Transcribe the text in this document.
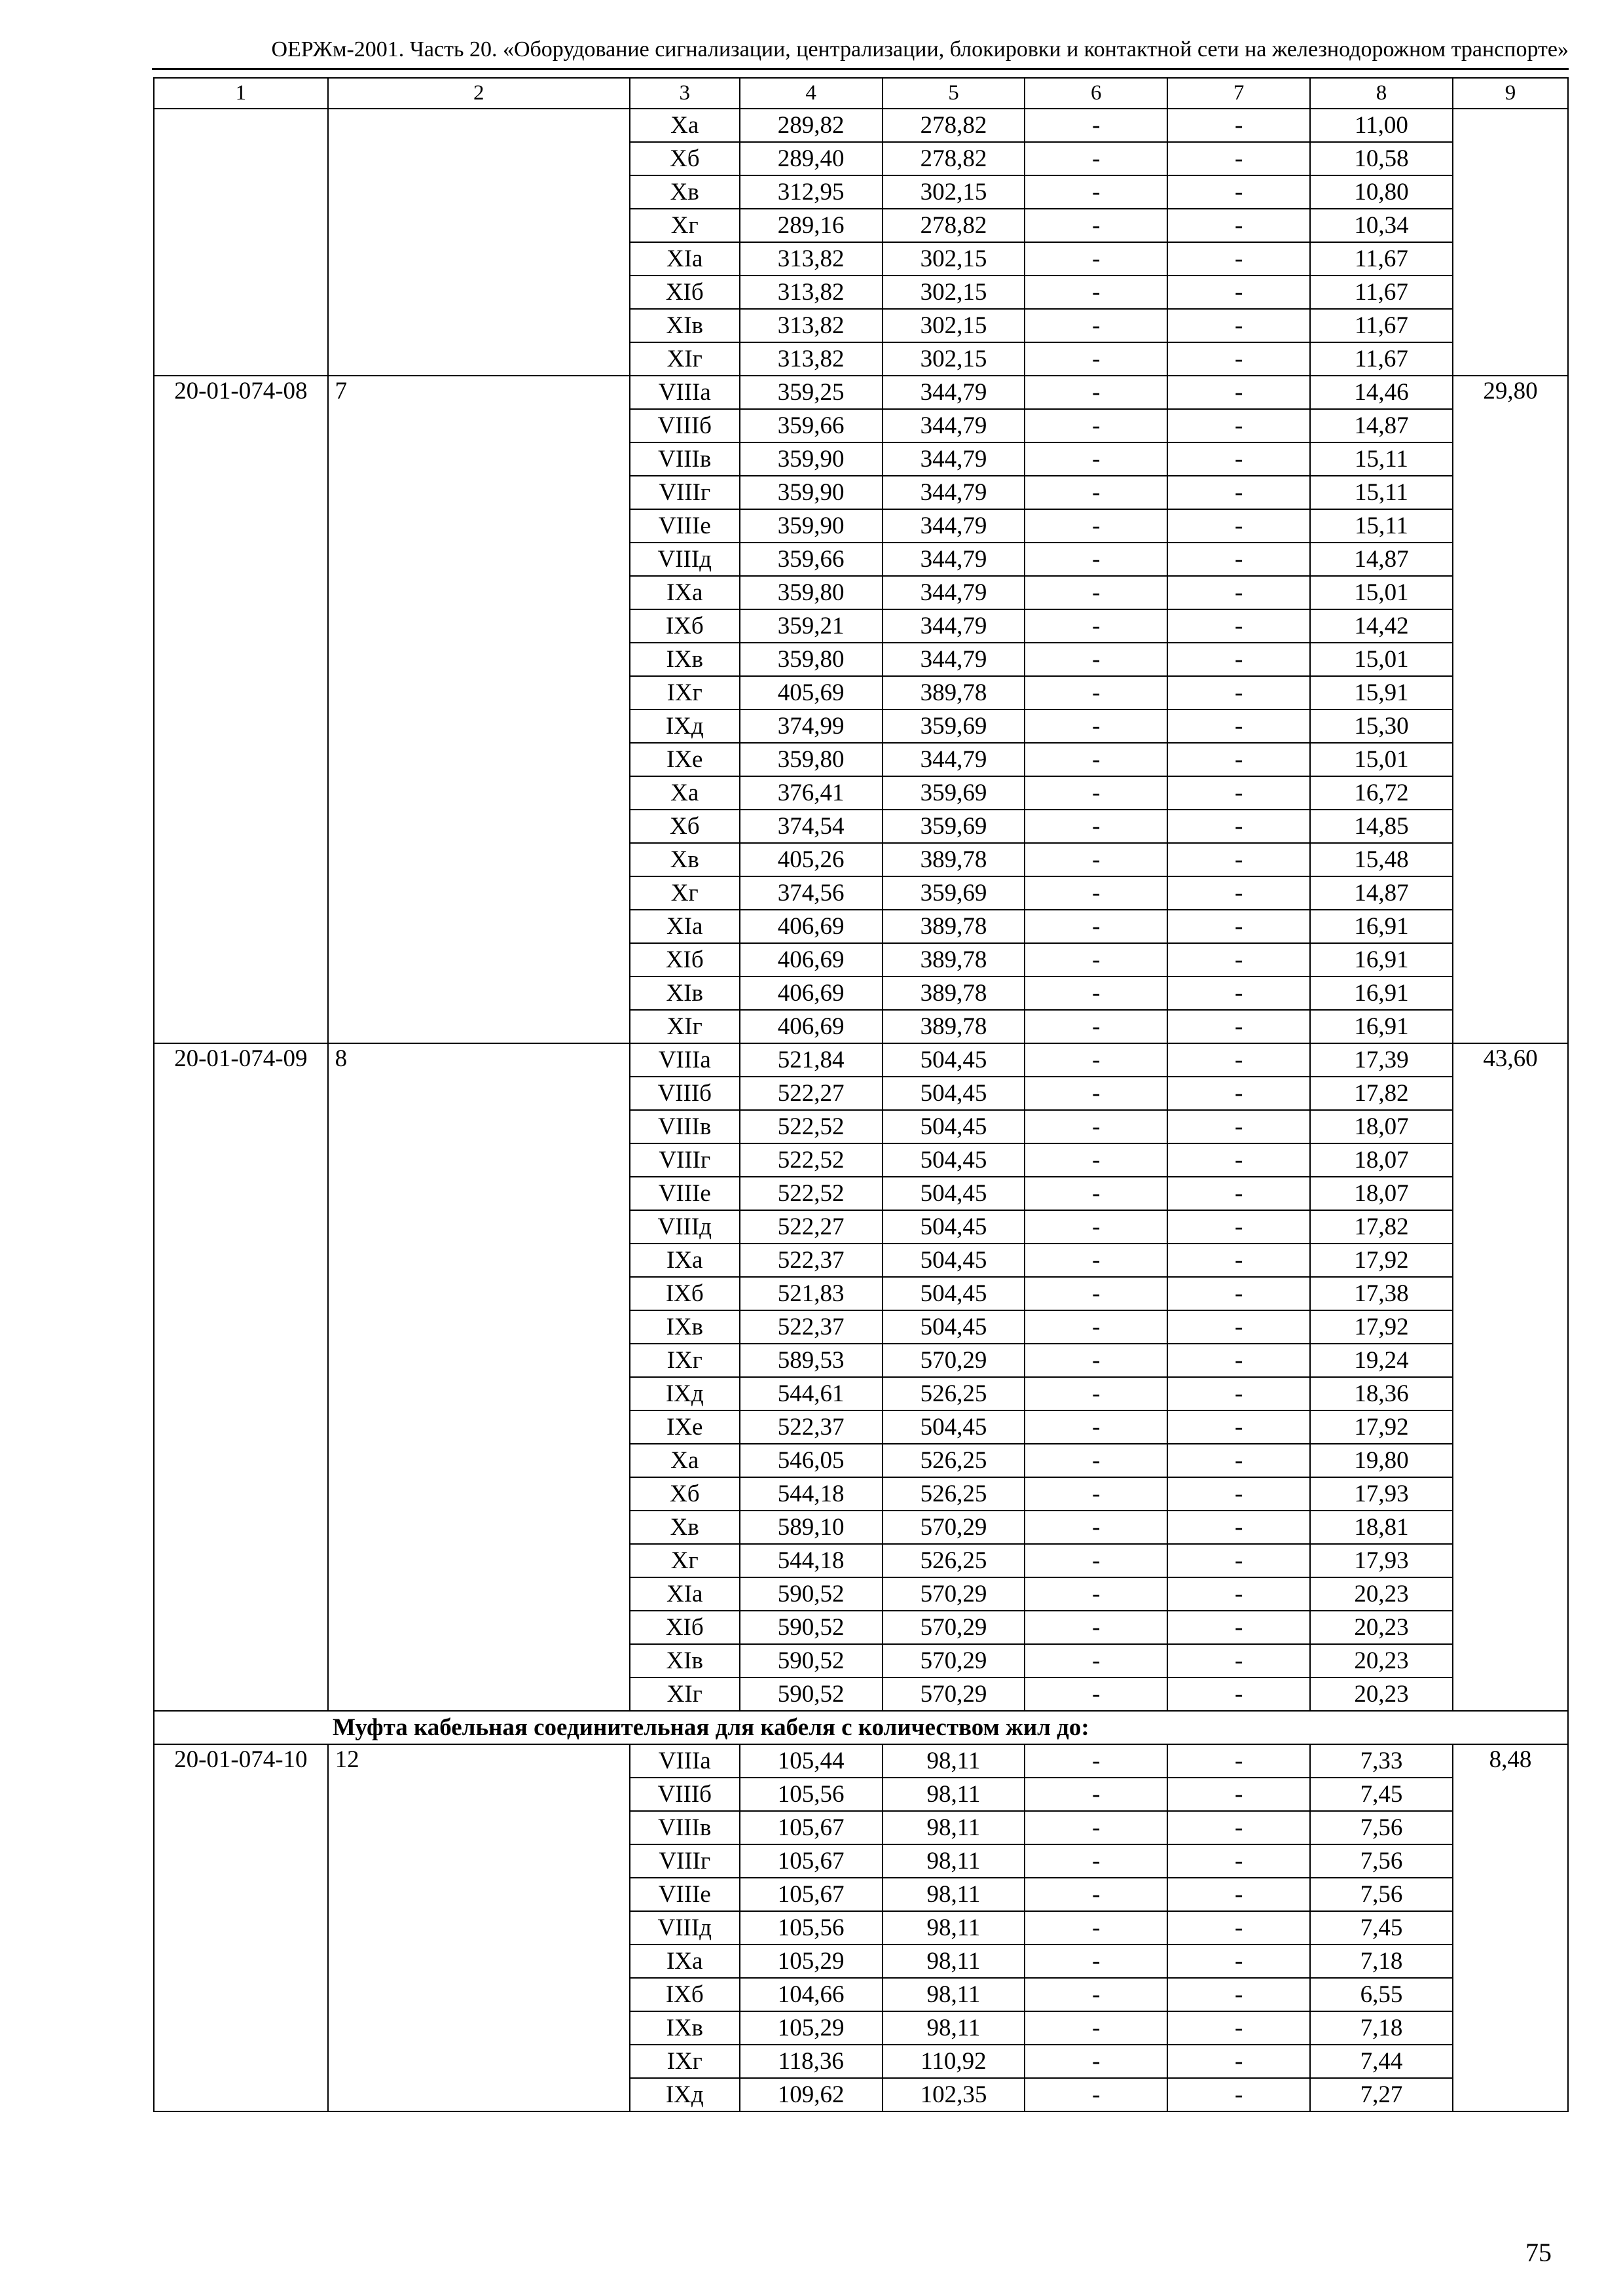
ОЕРЖм-2001. Часть 20. «Оборудование сигнализации, централизации, блокировки и контактной сети на железнодорожном транспорте»
1	2	3	4	5	6	7	8	9
		Ха	289,82	278,82	-	-	11,00	
		Хб	289,40	278,82	-	-	10,58	
		Хв	312,95	302,15	-	-	10,80	
		Хг	289,16	278,82	-	-	10,34	
		ХIа	313,82	302,15	-	-	11,67	
		ХIб	313,82	302,15	-	-	11,67	
		ХIв	313,82	302,15	-	-	11,67	
		ХIг	313,82	302,15	-	-	11,67	
20-01-074-08	7	VIIIа	359,25	344,79	-	-	14,46	29,80
		VIIIб	359,66	344,79	-	-	14,87	
		VIIIв	359,90	344,79	-	-	15,11	
		VIIIг	359,90	344,79	-	-	15,11	
		VIIIе	359,90	344,79	-	-	15,11	
		VIIIд	359,66	344,79	-	-	14,87	
		IХа	359,80	344,79	-	-	15,01	
		IХб	359,21	344,79	-	-	14,42	
		IХв	359,80	344,79	-	-	15,01	
		IХг	405,69	389,78	-	-	15,91	
		IХд	374,99	359,69	-	-	15,30	
		IХе	359,80	344,79	-	-	15,01	
		Ха	376,41	359,69	-	-	16,72	
		Хб	374,54	359,69	-	-	14,85	
		Хв	405,26	389,78	-	-	15,48	
		Хг	374,56	359,69	-	-	14,87	
		ХIа	406,69	389,78	-	-	16,91	
		ХIб	406,69	389,78	-	-	16,91	
		ХIв	406,69	389,78	-	-	16,91	
		ХIг	406,69	389,78	-	-	16,91	
20-01-074-09	8	VIIIа	521,84	504,45	-	-	17,39	43,60
		VIIIб	522,27	504,45	-	-	17,82	
		VIIIв	522,52	504,45	-	-	18,07	
		VIIIг	522,52	504,45	-	-	18,07	
		VIIIе	522,52	504,45	-	-	18,07	
		VIIIд	522,27	504,45	-	-	17,82	
		IХа	522,37	504,45	-	-	17,92	
		IХб	521,83	504,45	-	-	17,38	
		IХв	522,37	504,45	-	-	17,92	
		IХг	589,53	570,29	-	-	19,24	
		IХд	544,61	526,25	-	-	18,36	
		IХе	522,37	504,45	-	-	17,92	
		Ха	546,05	526,25	-	-	19,80	
		Хб	544,18	526,25	-	-	17,93	
		Хв	589,10	570,29	-	-	18,81	
		Хг	544,18	526,25	-	-	17,93	
		ХIа	590,52	570,29	-	-	20,23	
		ХIб	590,52	570,29	-	-	20,23	
		ХIв	590,52	570,29	-	-	20,23	
		ХIг	590,52	570,29	-	-	20,23	
Муфта кабельная соединительная для кабеля с количеством жил до:								
20-01-074-10	12	VIIIа	105,44	98,11	-	-	7,33	8,48
		VIIIб	105,56	98,11	-	-	7,45	
		VIIIв	105,67	98,11	-	-	7,56	
		VIIIг	105,67	98,11	-	-	7,56	
		VIIIе	105,67	98,11	-	-	7,56	
		VIIIд	105,56	98,11	-	-	7,45	
		IХа	105,29	98,11	-	-	7,18	
		IХб	104,66	98,11	-	-	6,55	
		IХв	105,29	98,11	-	-	7,18	
		IХг	118,36	110,92	-	-	7,44	
		IХд	109,62	102,35	-	-	7,27	
75
